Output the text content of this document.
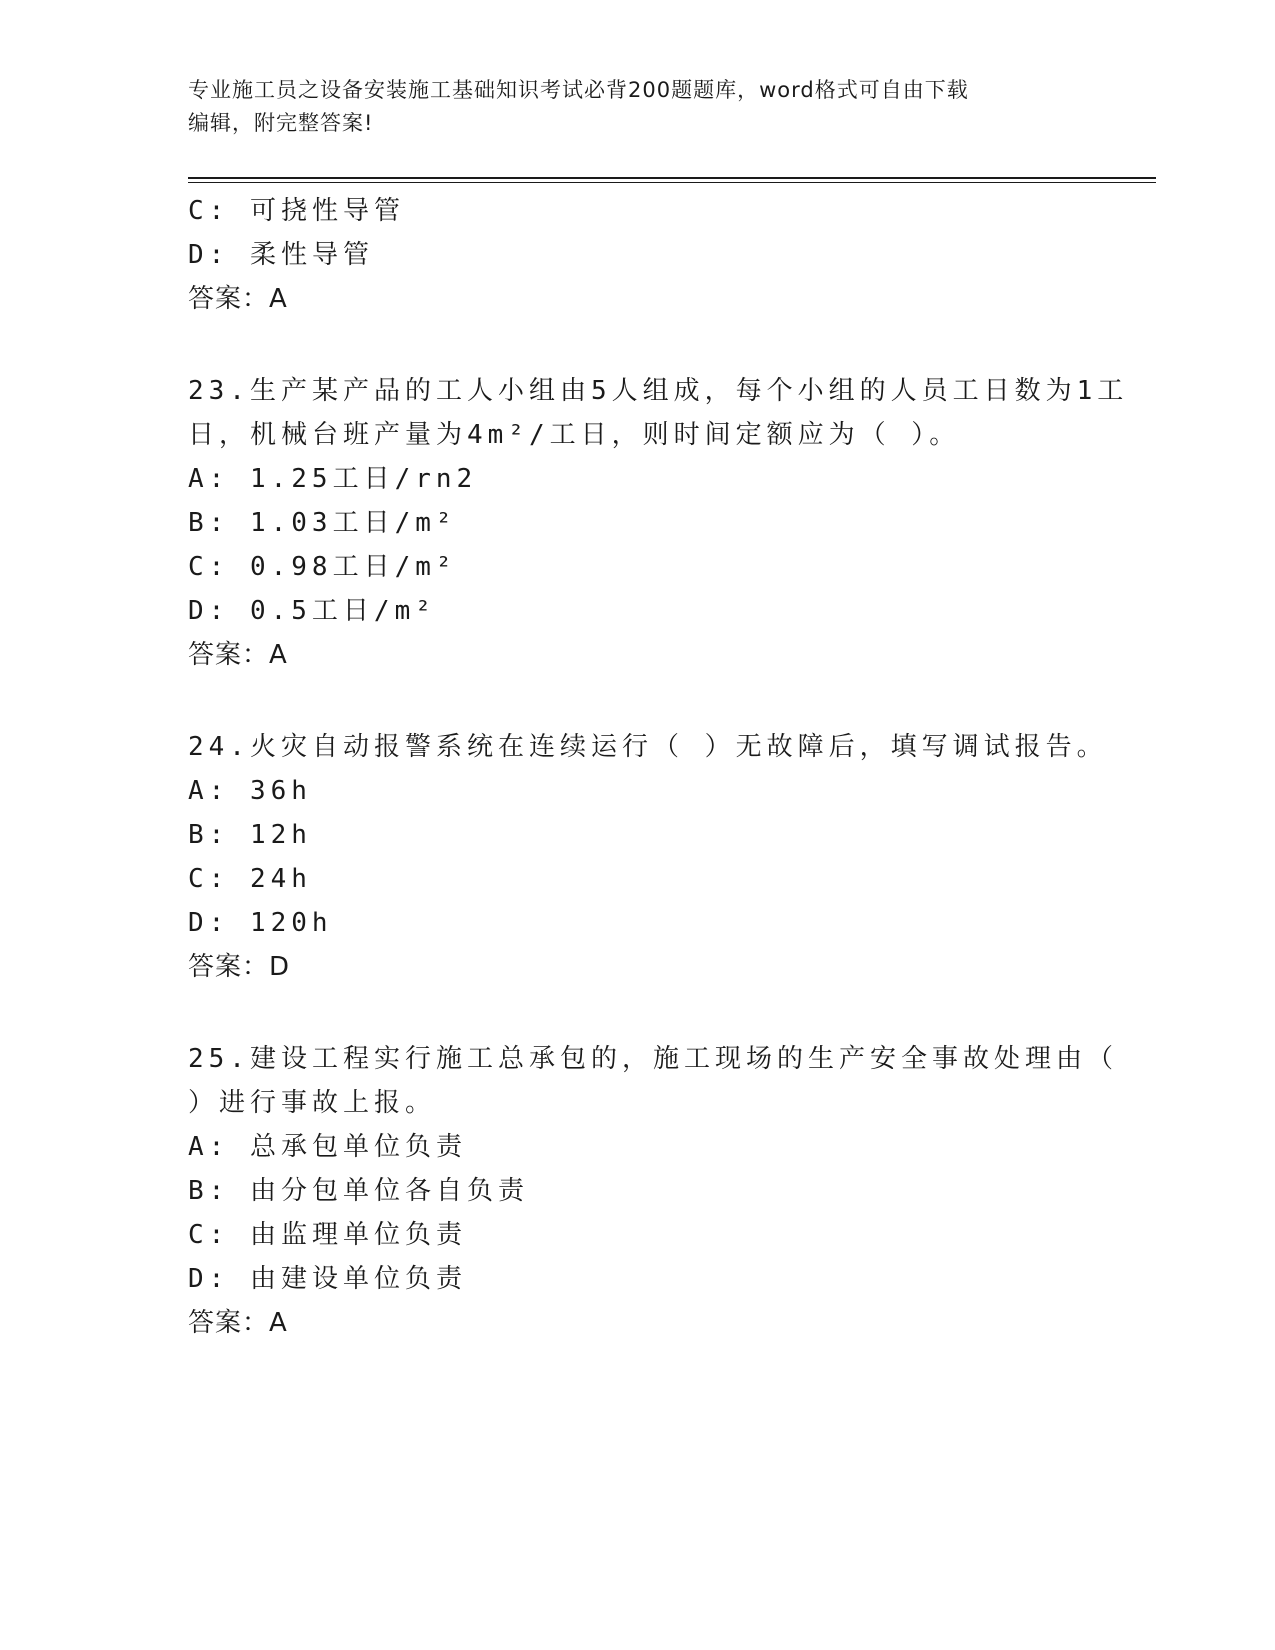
专业施工员之设备安装施工基础知识考试必背200题题库，word格式可自由下载
编辑，附完整答案!
C: 可挠性导管
D: 柔性导管
答案：A
23.生产某产品的工人小组由5人组成，每个小组的人员工日数为1工
日，机械台班产量为4m²/工日，则时间定额应为（ ）。
A: 1.25工日/rn2
B: 1.03工日/m²
C: 0.98工日/m²
D: 0.5工日/m²
答案：A
24.火灾自动报警系统在连续运行（ ）无故障后，填写调试报告。
A: 36h
B: 12h
C: 24h
D: 120h
答案：D
25.建设工程实行施工总承包的，施工现场的生产安全事故处理由（
）进行事故上报。
A: 总承包单位负责
B: 由分包单位各自负责
C: 由监理单位负责
D: 由建设单位负责
答案：A
